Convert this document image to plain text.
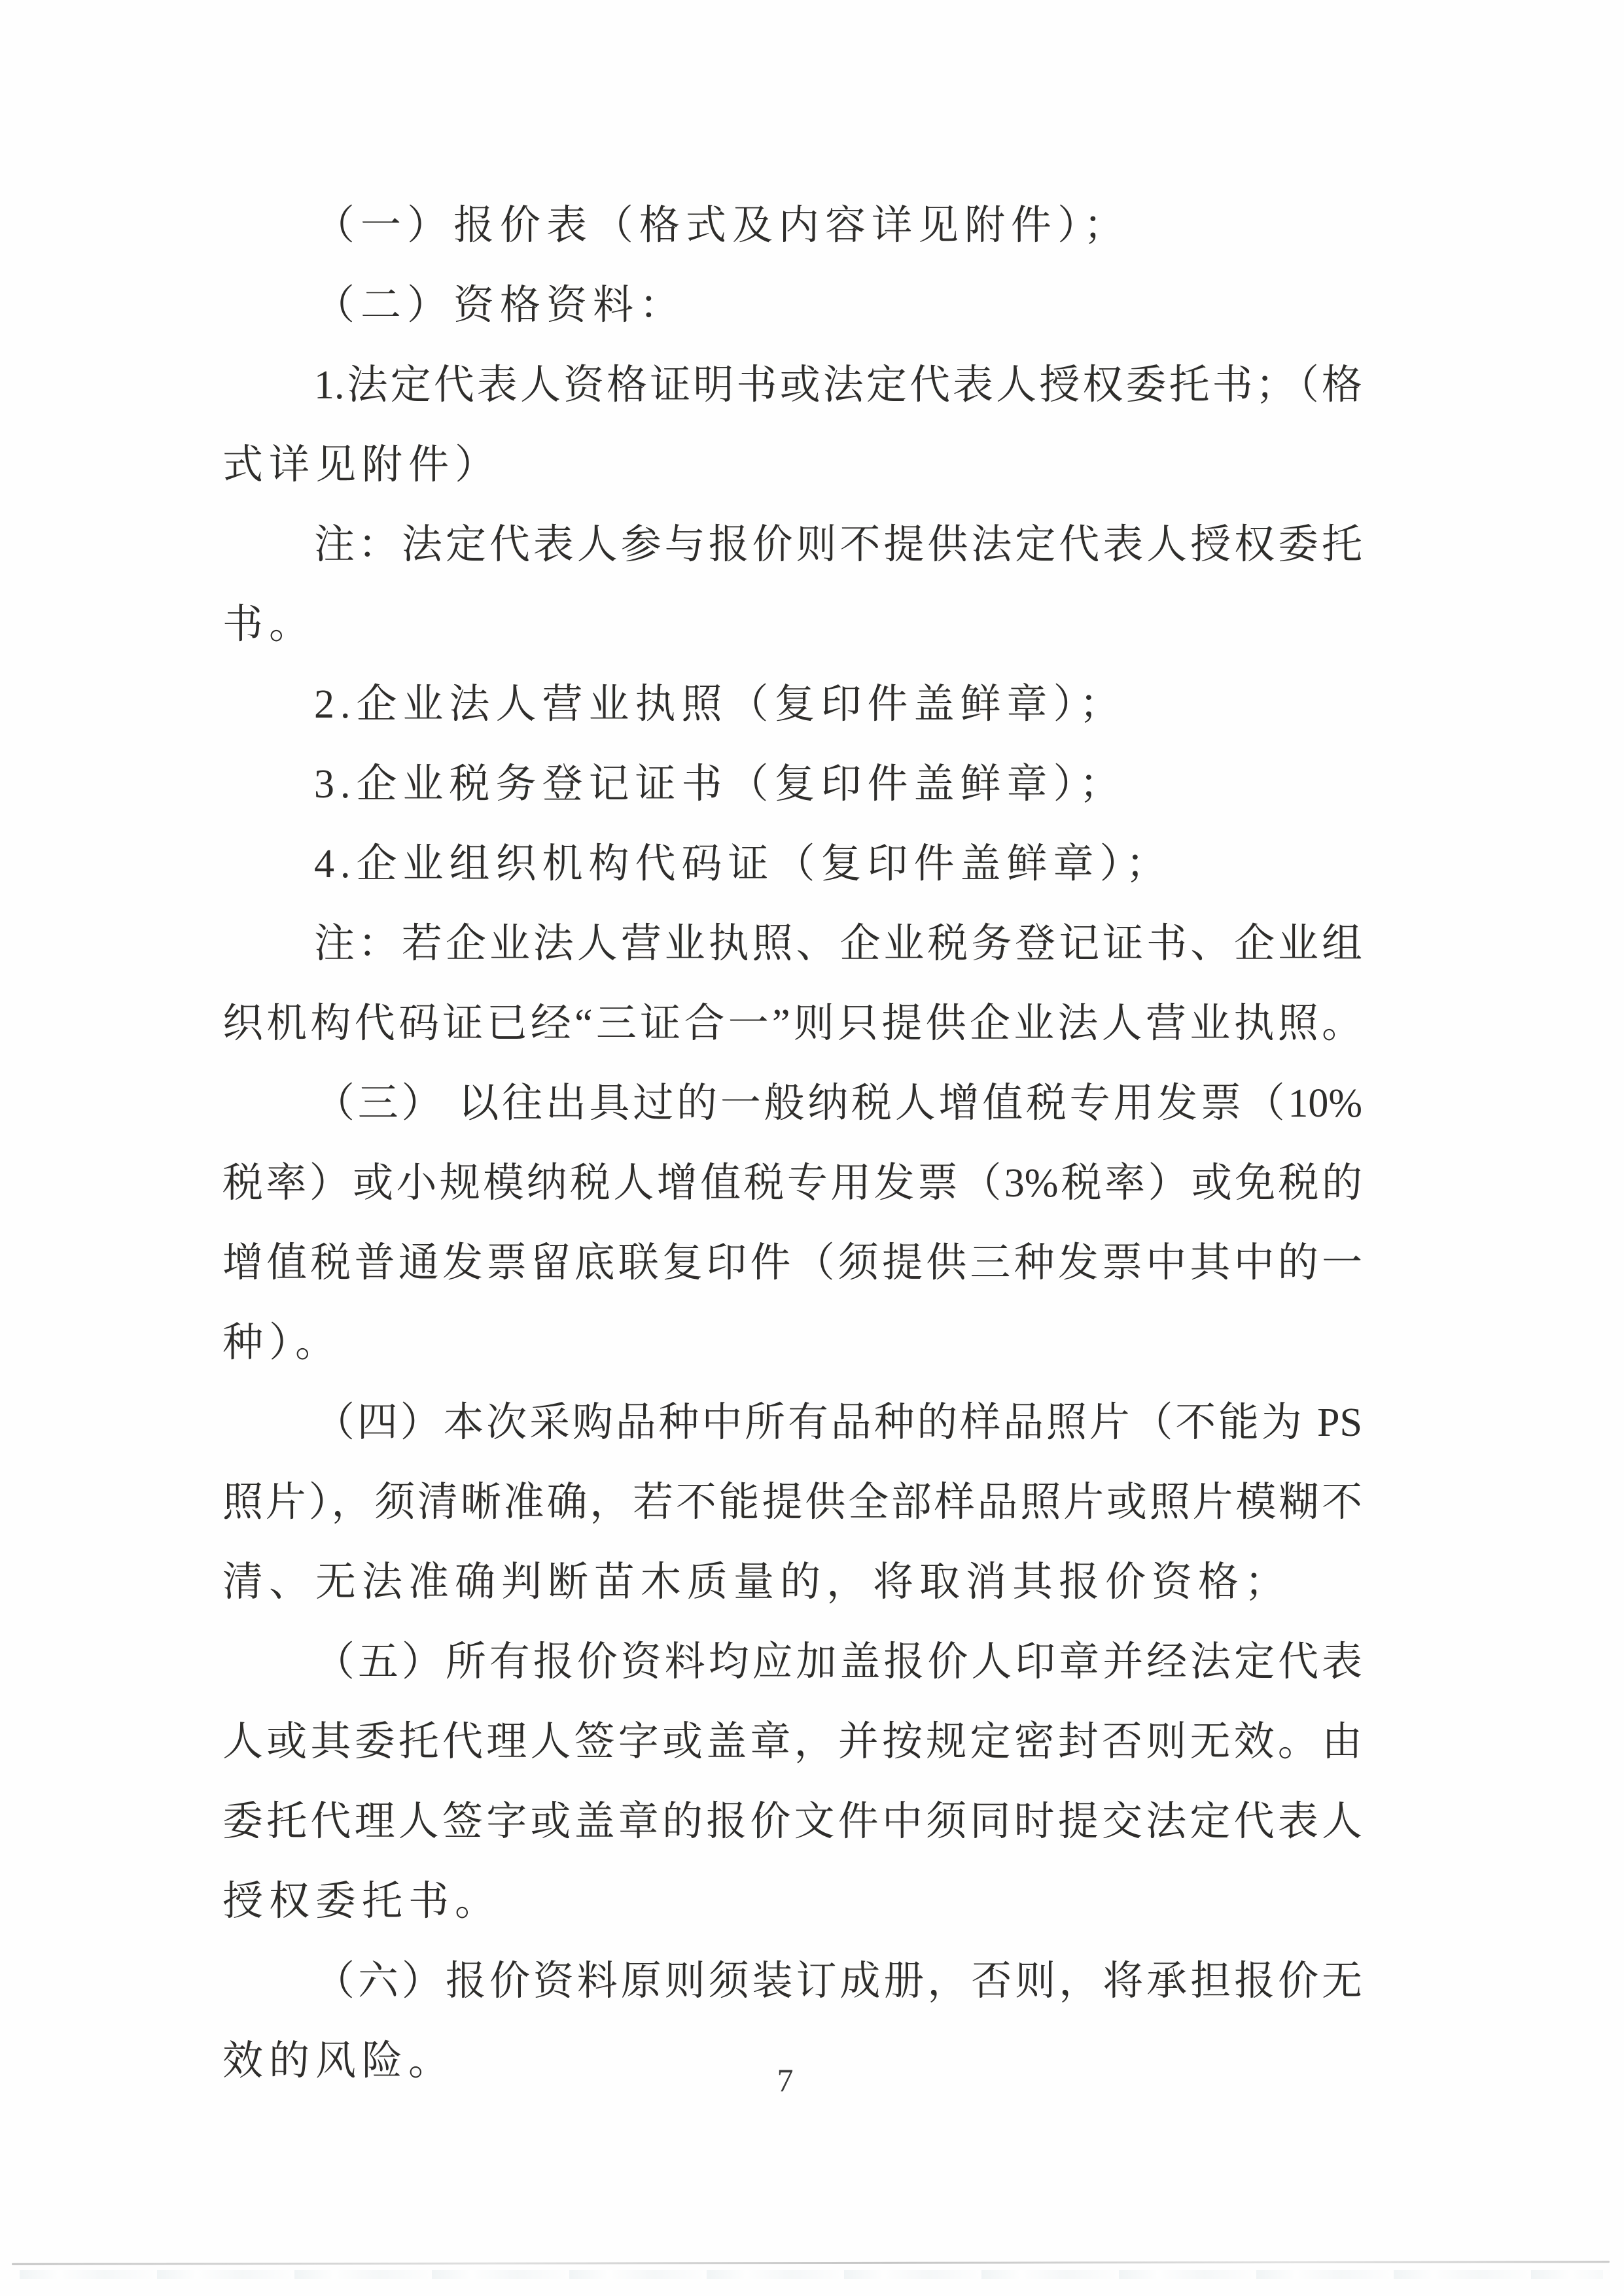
（一）报价表（格式及内容详见附件）；
（二）资格资料：
1.法定代表人资格证明书或法定代表人授权委托书；（格
式详见附件）
注：法定代表人参与报价则不提供法定代表人授权委托
书。
2.企业法人营业执照（复印件盖鲜章）；
3.企业税务登记证书（复印件盖鲜章）；
4.企业组织机构代码证（复印件盖鲜章）；
注：若企业法人营业执照、企业税务登记证书、企业组
织机构代码证已经“三证合一”则只提供企业法人营业执照。
（三） 以往出具过的一般纳税人增值税专用发票（10%
税率）或小规模纳税人增值税专用发票（3%税率）或免税的
增值税普通发票留底联复印件（须提供三种发票中其中的一
种）。
（四）本次采购品种中所有品种的样品照片（不能为 PS
照片），须清晰准确，若不能提供全部样品照片或照片模糊不
清、无法准确判断苗木质量的，将取消其报价资格；
（五）所有报价资料均应加盖报价人印章并经法定代表
人或其委托代理人签字或盖章，并按规定密封否则无效。由
委托代理人签字或盖章的报价文件中须同时提交法定代表人
授权委托书。
（六）报价资料原则须装订成册，否则，将承担报价无
效的风险。	7
